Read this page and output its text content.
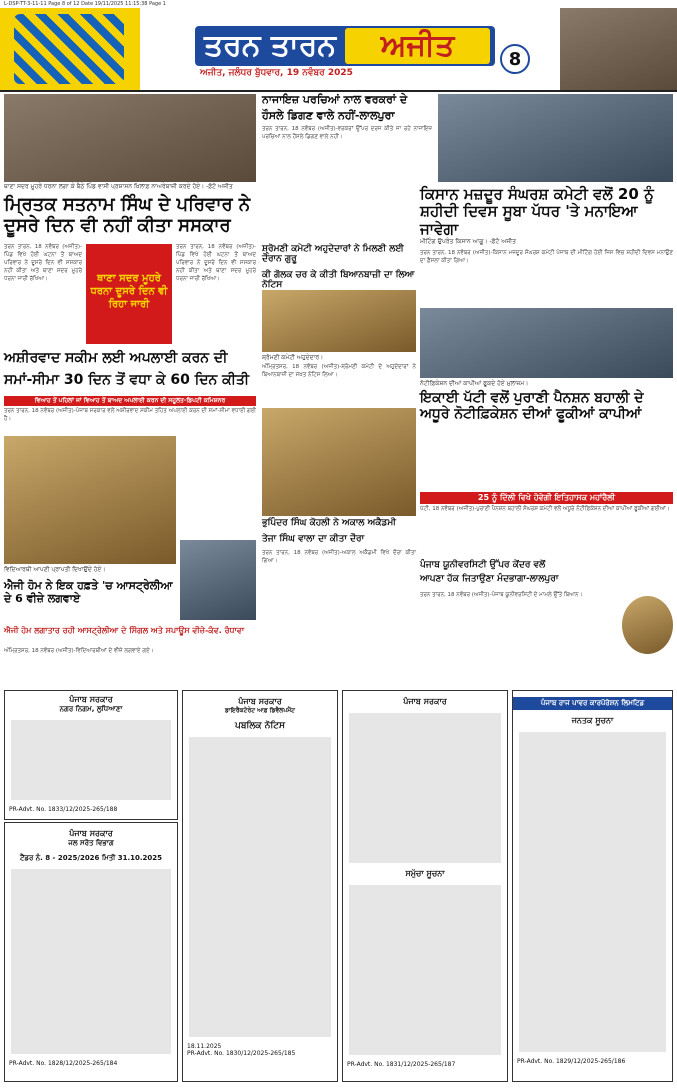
L-DSP-TT-3-11-11 Page 8 of 12 Date 19/11/2025 11:15:38 Page 1
ਤਰਨ ਤਾਰਨ	ਅਜੀਤ
ਅਜੀਤ, ਜਲੰਧਰ ਬੁੱਧਵਾਰ, 19 ਨਵੰਬਰ 2025
8
ਥਾਣਾ ਸਦਰ ਮੂਹਰੇ ਧਰਨਾ ਲਗਾ ਕੇ ਬੈਠੇ ਪਿੰਡ ਵਾਸੀ ਪ੍ਰਸ਼ਾਸਨ ਖ਼ਿਲਾਫ਼ ਨਾਅਰੇਬਾਜ਼ੀ ਕਰਦੇ ਹੋਏ। -ਫ਼ੋਟੋ ਅਜੀਤ
ਮ੍ਰਿਤਕ ਸਤਨਾਮ ਸਿੰਘ ਦੇ ਪਰਿਵਾਰ ਨੇ ਦੂਸਰੇ ਦਿਨ ਵੀ ਨਹੀਂ ਕੀਤਾ ਸਸਕਾਰ
ਤਰਨ ਤਾਰਨ, 18 ਨਵੰਬਰ (ਅਜੀਤ)-ਪਿੰਡ ਵਿਖੇ ਹੋਈ ਘਟਨਾ ਤੋਂ ਬਾਅਦ ਪਰਿਵਾਰ ਨੇ ਦੂਸਰੇ ਦਿਨ ਵੀ ਸਸਕਾਰ ਨਹੀਂ ਕੀਤਾ ਅਤੇ ਥਾਣਾ ਸਦਰ ਮੂਹਰੇ ਧਰਨਾ ਜਾਰੀ ਰੱਖਿਆ।	ਥਾਣਾ ਸਦਰ ਮੂਹਰੇ ਧਰਨਾ ਦੂਸਰੇ ਦਿਨ ਵੀ ਰਿਹਾ ਜਾਰੀ
ਤਰਨ ਤਾਰਨ, 18 ਨਵੰਬਰ (ਅਜੀਤ)-ਪਿੰਡ ਵਿਖੇ ਹੋਈ ਘਟਨਾ ਤੋਂ ਬਾਅਦ ਪਰਿਵਾਰ ਨੇ ਦੂਸਰੇ ਦਿਨ ਵੀ ਸਸਕਾਰ ਨਹੀਂ ਕੀਤਾ ਅਤੇ ਥਾਣਾ ਸਦਰ ਮੂਹਰੇ ਧਰਨਾ ਜਾਰੀ ਰੱਖਿਆ।
ਨਾਜਾਇਜ਼ ਪਰਚਿਆਂ ਨਾਲ ਵਰਕਰਾਂ ਦੇ
ਹੌਸਲੇ ਡਿਗਣ ਵਾਲੇ ਨਹੀਂ-ਲਾਲਪੁਰਾ
ਤਰਨ ਤਾਰਨ, 18 ਨਵੰਬਰ (ਅਜੀਤ)-ਵਰਕਰਾਂ ਉੱਪਰ ਦਰਜ ਕੀਤੇ ਜਾ ਰਹੇ ਨਾਜਾਇਜ਼ ਪਰਚਿਆਂ ਨਾਲ ਹੌਸਲੇ ਡਿਗਣ ਵਾਲੇ ਨਹੀਂ।
ਕਿਸਾਨ ਮਜ਼ਦੂਰ ਸੰਘਰਸ਼ ਕਮੇਟੀ ਵਲੋਂ 20 ਨੂੰ ਸ਼ਹੀਦੀ ਦਿਵਸ ਸੂਬਾ ਪੱਧਰ 'ਤੇ ਮਨਾਇਆ ਜਾਵੇਗਾ
ਮੀਟਿੰਗ ਉਪਰੰਤ ਕਿਸਾਨ ਆਗੂ। -ਫ਼ੋਟੋ ਅਜੀਤ
ਤਰਨ ਤਾਰਨ, 18 ਨਵੰਬਰ (ਅਜੀਤ)-ਕਿਸਾਨ ਮਜ਼ਦੂਰ ਸੰਘਰਸ਼ ਕਮੇਟੀ ਪੰਜਾਬ ਦੀ ਮੀਟਿੰਗ ਹੋਈ ਜਿਸ ਵਿਚ ਸ਼ਹੀਦੀ ਦਿਵਸ ਮਨਾਉਣ ਦਾ ਫ਼ੈਸਲਾ ਕੀਤਾ ਗਿਆ।
ਨੋਟੀਫ਼ਿਕੇਸ਼ਨ ਦੀਆਂ ਕਾਪੀਆਂ ਫੂਕਦੇ ਹੋਏ ਮੁਲਾਜ਼ਮ।
ਸ਼੍ਰੋਮਣੀ ਕਮੇਟੀ ਅਹੁਦੇਦਾਰਾਂ ਨੇ ਮਿਲਣੀ ਲਈ ਦੌਰਾਨ ਗੁਰੂ
ਕੀ ਗੋਲਕ ਚਰ ਕੇ ਕੀਤੀ ਬਿਆਨਬਾਜ਼ੀ ਦਾ ਲਿਆ ਨੋਟਿਸ
ਸ਼੍ਰੋਮਣੀ ਕਮੇਟੀ ਅਹੁਦੇਦਾਰ।
ਅੰਮ੍ਰਿਤਸਰ, 18 ਨਵੰਬਰ (ਅਜੀਤ)-ਸ਼੍ਰੋਮਣੀ ਕਮੇਟੀ ਦੇ ਅਹੁਦੇਦਾਰਾਂ ਨੇ ਬਿਆਨਬਾਜ਼ੀ ਦਾ ਸਖ਼ਤ ਨੋਟਿਸ ਲਿਆ।
ਅਸ਼ੀਰਵਾਦ ਸਕੀਮ ਲਈ ਅਪਲਾਈ ਕਰਨ ਦੀ
ਸਮਾਂ-ਸੀਮਾ 30 ਦਿਨ ਤੋਂ ਵਧਾ ਕੇ 60 ਦਿਨ ਕੀਤੀ
ਵਿਆਹ ਤੋਂ ਪਹਿਲਾਂ ਜਾਂ ਵਿਆਹ ਤੋਂ ਬਾਅਦ ਅਪਲਾਈ ਕਰਨ ਦੀ ਸਹੂਲਤ-ਡਿਪਟੀ ਕਮਿਸ਼ਨਰ
ਤਰਨ ਤਾਰਨ, 18 ਨਵੰਬਰ (ਅਜੀਤ)-ਪੰਜਾਬ ਸਰਕਾਰ ਵਲੋਂ ਅਸ਼ੀਰਵਾਦ ਸਕੀਮ ਤਹਿਤ ਅਪਲਾਈ ਕਰਨ ਦੀ ਸਮਾਂ-ਸੀਮਾ ਵਧਾਈ ਗਈ ਹੈ।
ਵਿਦਿਆਰਥੀ ਆਪਣੀ ਪ੍ਰਾਪਤੀ ਦਿਖਾਉਂਦੇ ਹੋਏ।
ਐਜੀ ਹੋਮ ਨੇ ਇਕ ਹਫ਼ਤੇ 'ਚ ਆਸਟ੍ਰੇਲੀਆ ਦੇ 6 ਵੀਜ਼ੇ ਲਗਵਾਏ
ਐਜੀ ਹੋਮ ਲਗਾਤਾਰ ਰਹੀ ਆਸਟ੍ਰੇਲੀਆ ਦੇ ਸਿੰਗਲ ਅਤੇ ਸਪਾਊਸ ਵੀਜ਼ੇ-ਕੰਵ. ਰੰਧਾਵਾ
ਅੰਮ੍ਰਿਤਸਰ, 18 ਨਵੰਬਰ (ਅਜੀਤ)-ਵਿਦਿਆਰਥੀਆਂ ਦੇ ਵੀਜ਼ੇ ਲਗਵਾਏ ਗਏ।
ਭੁਪਿੰਦਰ ਸਿੰਘ ਕੋਹਲੀ ਨੇ ਅਕਾਲ ਅਕੈਡਮੀ
ਤੇਜਾ ਸਿੰਘ ਵਾਲਾ ਦਾ ਕੀਤਾ ਦੌਰਾ
ਤਰਨ ਤਾਰਨ, 18 ਨਵੰਬਰ (ਅਜੀਤ)-ਅਕਾਲ ਅਕੈਡਮੀ ਵਿਖੇ ਦੌਰਾ ਕੀਤਾ ਗਿਆ।
ਇਕਾਈ ਪੱਟੀ ਵਲੋਂ ਪੁਰਾਣੀ ਪੈਨਸ਼ਨ ਬਹਾਲੀ ਦੇ ਅਧੂਰੇ ਨੋਟੀਫ਼ਿਕੇਸ਼ਨ ਦੀਆਂ ਫੂਕੀਆਂ ਕਾਪੀਆਂ
25 ਨੂੰ ਦਿੱਲੀ ਵਿਖੇ ਹੋਵੇਗੀ ਇਤਿਹਾਸਕ ਮਹਾਂਰੈਲੀ
ਪੱਟੀ, 18 ਨਵੰਬਰ (ਅਜੀਤ)-ਪੁਰਾਣੀ ਪੈਨਸ਼ਨ ਬਹਾਲੀ ਸੰਘਰਸ਼ ਕਮੇਟੀ ਵਲੋਂ ਅਧੂਰੇ ਨੋਟੀਫ਼ਿਕੇਸ਼ਨ ਦੀਆਂ ਕਾਪੀਆਂ ਫੂਕੀਆਂ ਗਈਆਂ।
ਪੰਜਾਬ ਯੂਨੀਵਰਸਿਟੀ ਉੱਪਰ ਕੇਂਦਰ ਵਲੋਂ
ਆਪਣਾ ਹੱਕ ਜਿਤਾਉਣਾ ਮੰਦਭਾਗਾ-ਲਾਲਪੁਰਾ
ਤਰਨ ਤਾਰਨ, 18 ਨਵੰਬਰ (ਅਜੀਤ)-ਪੰਜਾਬ ਯੂਨੀਵਰਸਿਟੀ ਦੇ ਮਾਮਲੇ ਉੱਤੇ ਬਿਆਨ।
ਪੰਜਾਬ ਸਰਕਾਰ
ਨਗਰ ਨਿਗਮ, ਲੁਧਿਆਣਾ
PR-Advt. No. 1833/12/2025-265/188
ਪੰਜਾਬ ਸਰਕਾਰ
ਜਲ ਸਰੋਤ ਵਿਭਾਗ
ਟੈਂਡਰ ਨੰ. 8 - 2025/2026 ਮਿਤੀ 31.10.2025
PR-Advt. No. 1828/12/2025-265/184
ਪੰਜਾਬ ਸਰਕਾਰ
ਡਾਇਰੈਕਟੋਰੇਟ ਆਫ਼ ਡਿਵੈਲਪਮੈਂਟ
ਪਬਲਿਕ ਨੋਟਿਸ
18.11.2025
PR-Advt. No. 1830/12/2025-265/185
ਪੰਜਾਬ ਸਰਕਾਰ
ਸਮੁੱਚਾ ਸੂਚਨਾ
PR-Advt. No. 1831/12/2025-265/187
ਪੰਜਾਬ ਰਾਜ ਪਾਵਰ ਕਾਰਪੋਰੇਸ਼ਨ ਲਿਮਟਿਡ
ਜਨਤਕ ਸੂਚਨਾ
PR-Advt. No. 1829/12/2025-265/186
